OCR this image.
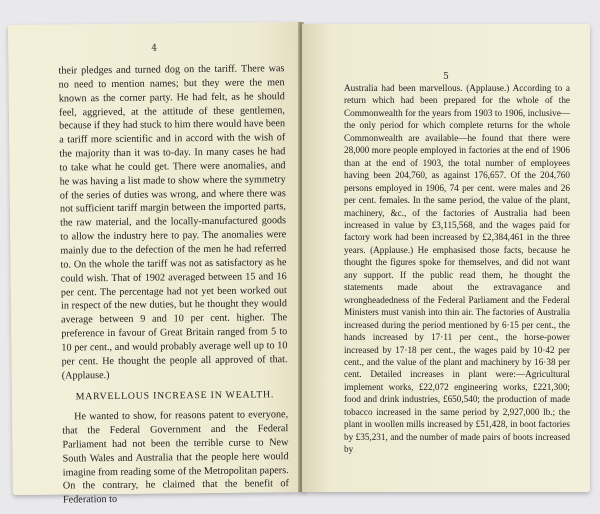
4

their pledges and turned dog on the tariff. There was no need to mention names; but they were the men known as the corner party. He had felt, as he should feel, aggrieved, at the attitude of these gentlemen, because if they had stuck to him there would have been a tariff more scientific and in accord with the wish of the majority than it was to-day. In many cases he had to take what he could get. There were anomalies, and he was having a list made to show where the symmetry of the series of duties was wrong, and where there was not sufficient tariff margin between the imported parts, the raw material, and the locally-manufactured goods to allow the industry here to pay. The anomalies were mainly due to the defection of the men he had referred to. On the whole the tariff was not as satisfactory as he could wish. That of 1902 averaged between 15 and 16 per cent. The percentage had not yet been worked out in respect of the new duties, but he thought they would average between 9 and 10 per cent. higher. The preference in favour of Great Britain ranged from 5 to 10 per cent., and would probably average well up to 10 per cent. He thought the people all approved of that. (Applause.)

MARVELLOUS INCREASE IN WEALTH.

He wanted to show, for reasons patent to everyone, that the Federal Government and the Federal Parliament had not been the terrible curse to New South Wales and Australia that the people here would imagine from reading some of the Metropolitan papers. On the contrary, he claimed that the benefit of Federation to

5

Australia had been marvellous. (Applause.) According to a return which had been prepared for the whole of the Commonwealth for the years from 1903 to 1906, inclusive—the only period for which complete returns for the whole Commonwealth are available—he found that there were 28,000 more people employed in factories at the end of 1906 than at the end of 1903, the total number of employees having been 204,760, as against 176,657. Of the 204,760 persons employed in 1906, 74 per cent. were males and 26 per cent. females. In the same period, the value of the plant, machinery, &c., of the factories of Australia had been increased in value by £3,115,568, and the wages paid for factory work had been increased by £2,384,461 in the three years. (Applause.) He emphasised those facts, because he thought the figures spoke for themselves, and did not want any support. If the public read them, he thought the statements made about the extravagance and wrongheadedness of the Federal Parliament and the Federal Ministers must vanish into thin air. The factories of Australia increased during the period mentioned by 6·15 per cent., the hands increased by 17·11 per cent., the horse-power increased by 17·18 per cent., the wages paid by 10·42 per cent., and the value of the plant and machinery by 16·38 per cent. Detailed increases in plant were:—Agricultural implement works, £22,072 engineering works, £221,300; food and drink industries, £650,540; the production of made tobacco increased in the same period by 2,927,000 lb.; the plant in woollen mills increased by £51,428, in boot factories by £35,231, and the number of made pairs of boots increased by
